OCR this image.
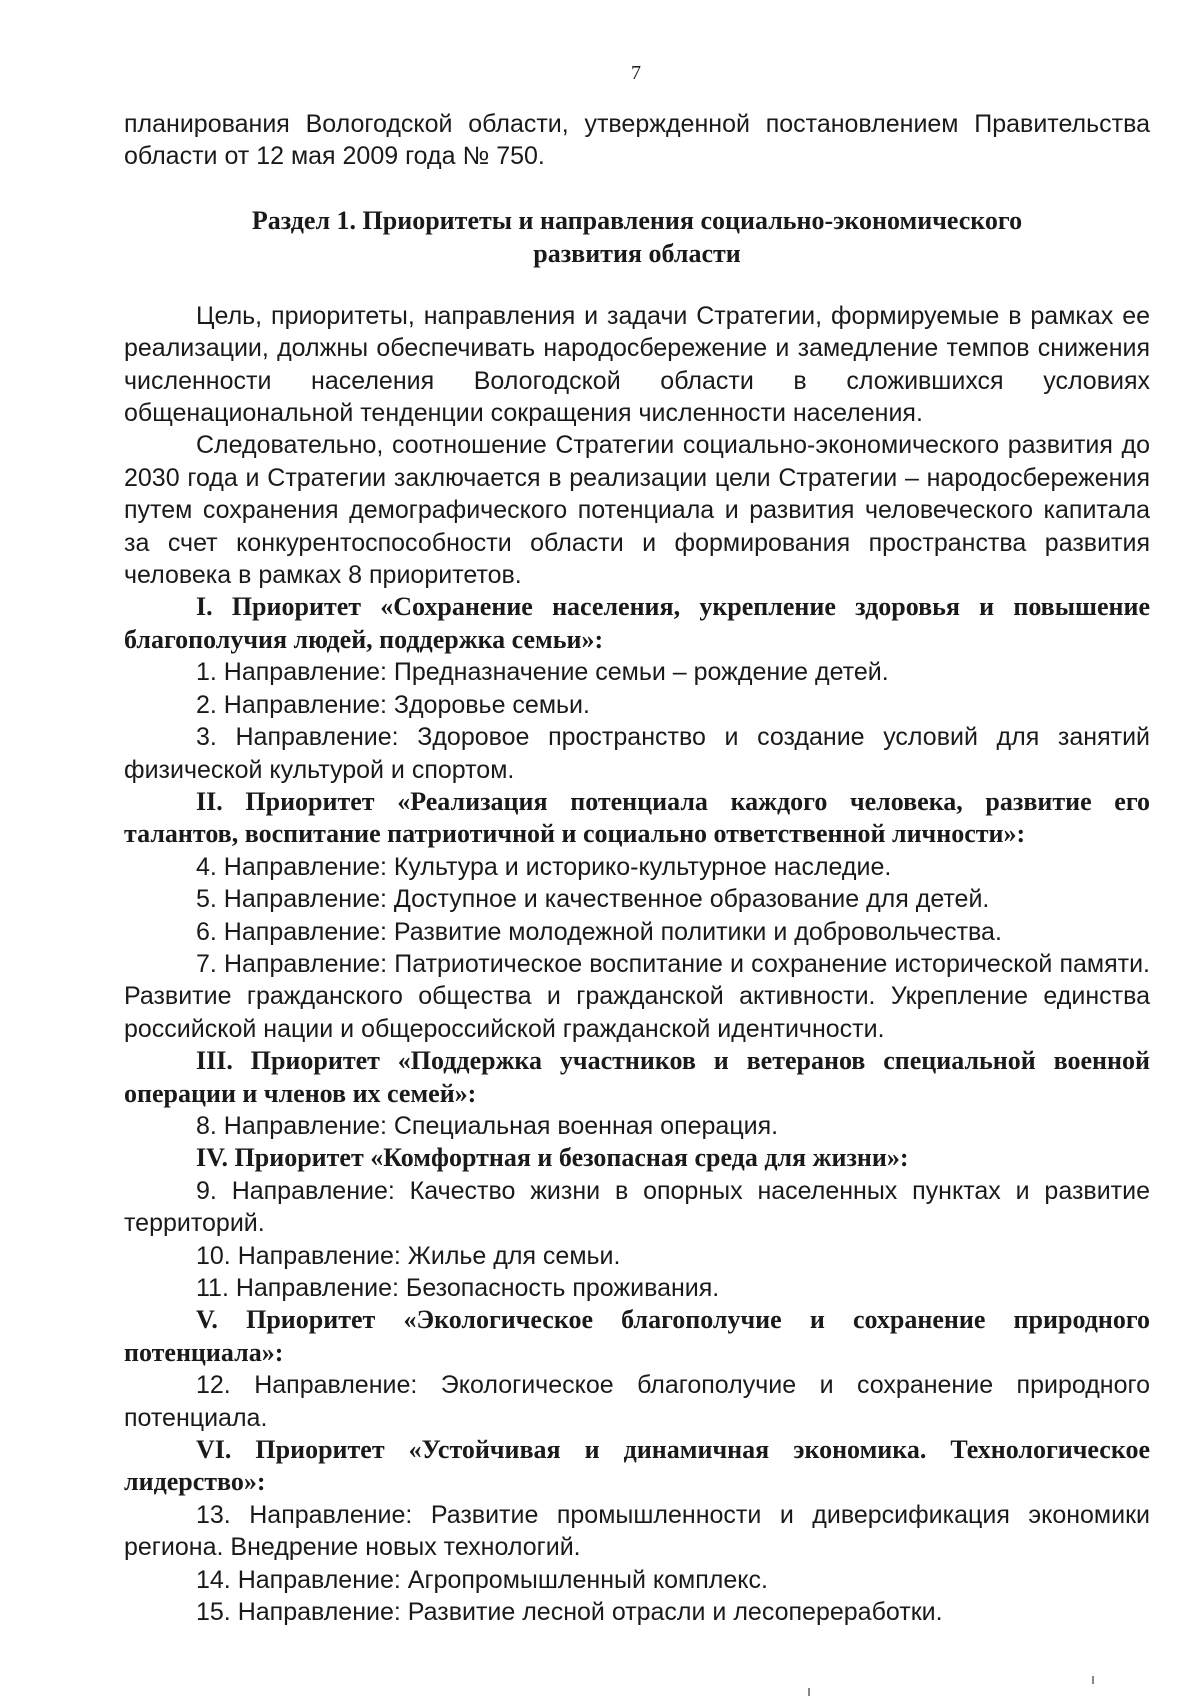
7

планирования Вологодской области, утвержденной постановлением Правительства области от 12 мая 2009 года № 750.

Раздел 1. Приоритеты и направления социально-экономического
развития области

Цель, приоритеты, направления и задачи Стратегии, формируемые в рамках ее реализации, должны обеспечивать народосбережение и замедление темпов снижения численности населения Вологодской области в сложившихся условиях общенациональной тенденции сокращения численности населения.

Следовательно, соотношение Стратегии социально-экономического развития до 2030 года и Стратегии заключается в реализации цели Стратегии – народосбережения путем сохранения демографического потенциала и развития человеческого капитала за счет конкурентоспособности области и формирования пространства развития человека в рамках 8 приоритетов.

I. Приоритет «Сохранение населения, укрепление здоровья и повышение благополучия людей, поддержка семьи»:

1. Направление: Предназначение семьи – рождение детей.

2. Направление: Здоровье семьи.

3. Направление: Здоровое пространство и создание условий для занятий физической культурой и спортом.

II. Приоритет «Реализация потенциала каждого человека, развитие его талантов, воспитание патриотичной и социально ответственной личности»:

4. Направление: Культура и историко-культурное наследие.

5. Направление: Доступное и качественное образование для детей.

6. Направление: Развитие молодежной политики и добровольчества.

7. Направление: Патриотическое воспитание и сохранение исторической памяти. Развитие гражданского общества и гражданской активности. Укрепление единства российской нации и общероссийской гражданской идентичности.

III. Приоритет «Поддержка участников и ветеранов специальной военной операции и членов их семей»:

8. Направление: Специальная военная операция.

IV. Приоритет «Комфортная и безопасная среда для жизни»:

9. Направление: Качество жизни в опорных населенных пунктах и развитие территорий.

10. Направление: Жилье для семьи.

11. Направление: Безопасность проживания.

V. Приоритет «Экологическое благополучие и сохранение природного потенциала»:

12. Направление: Экологическое благополучие и сохранение природного потенциала.

VI. Приоритет «Устойчивая и динамичная экономика. Технологическое лидерство»:

13. Направление: Развитие промышленности и диверсификация экономики региона. Внедрение новых технологий.

14. Направление: Агропромышленный комплекс.

15. Направление: Развитие лесной отрасли и лесопереработки.
